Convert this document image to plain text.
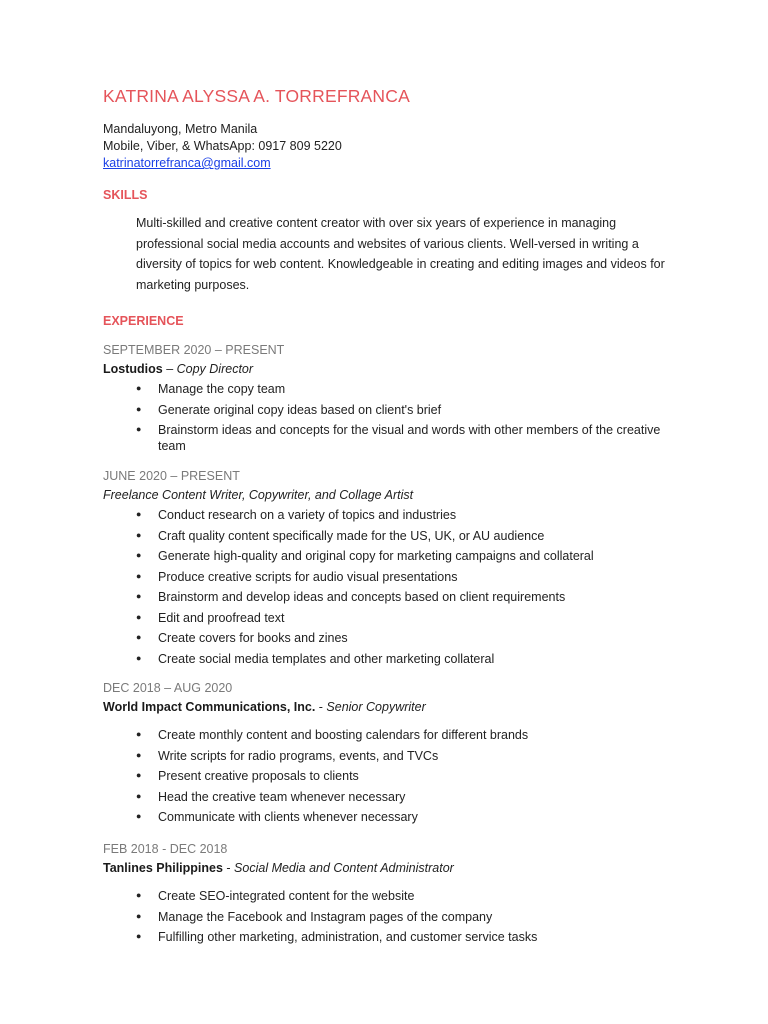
KATRINA ALYSSA A. TORREFRANCA
Mandaluyong, Metro Manila
Mobile, Viber, & WhatsApp: 0917 809 5220
katrinatorrefranca@gmail.com
SKILLS
Multi-skilled and creative content creator with over six years of experience in managing professional social media accounts and websites of various clients. Well-versed in writing a diversity of topics for web content. Knowledgeable in creating and editing images and videos for marketing purposes.
EXPERIENCE
SEPTEMBER 2020 – PRESENT
Lostudios – Copy Director
● Manage the copy team
● Generate original copy ideas based on client's brief
● Brainstorm ideas and concepts for the visual and words with other members of the creative team
JUNE 2020 – PRESENT
Freelance Content Writer, Copywriter, and Collage Artist
● Conduct research on a variety of topics and industries
● Craft quality content specifically made for the US, UK, or AU audience
● Generate high-quality and original copy for marketing campaigns and collateral
● Produce creative scripts for audio visual presentations
● Brainstorm and develop ideas and concepts based on client requirements
● Edit and proofread text
● Create covers for books and zines
● Create social media templates and other marketing collateral
DEC 2018 – AUG 2020
World Impact Communications, Inc. - Senior Copywriter
● Create monthly content and boosting calendars for different brands
● Write scripts for radio programs, events, and TVCs
● Present creative proposals to clients
● Head the creative team whenever necessary
● Communicate with clients whenever necessary
FEB 2018 - DEC 2018
Tanlines Philippines - Social Media and Content Administrator
● Create SEO-integrated content for the website
● Manage the Facebook and Instagram pages of the company
● Fulfilling other marketing, administration, and customer service tasks
